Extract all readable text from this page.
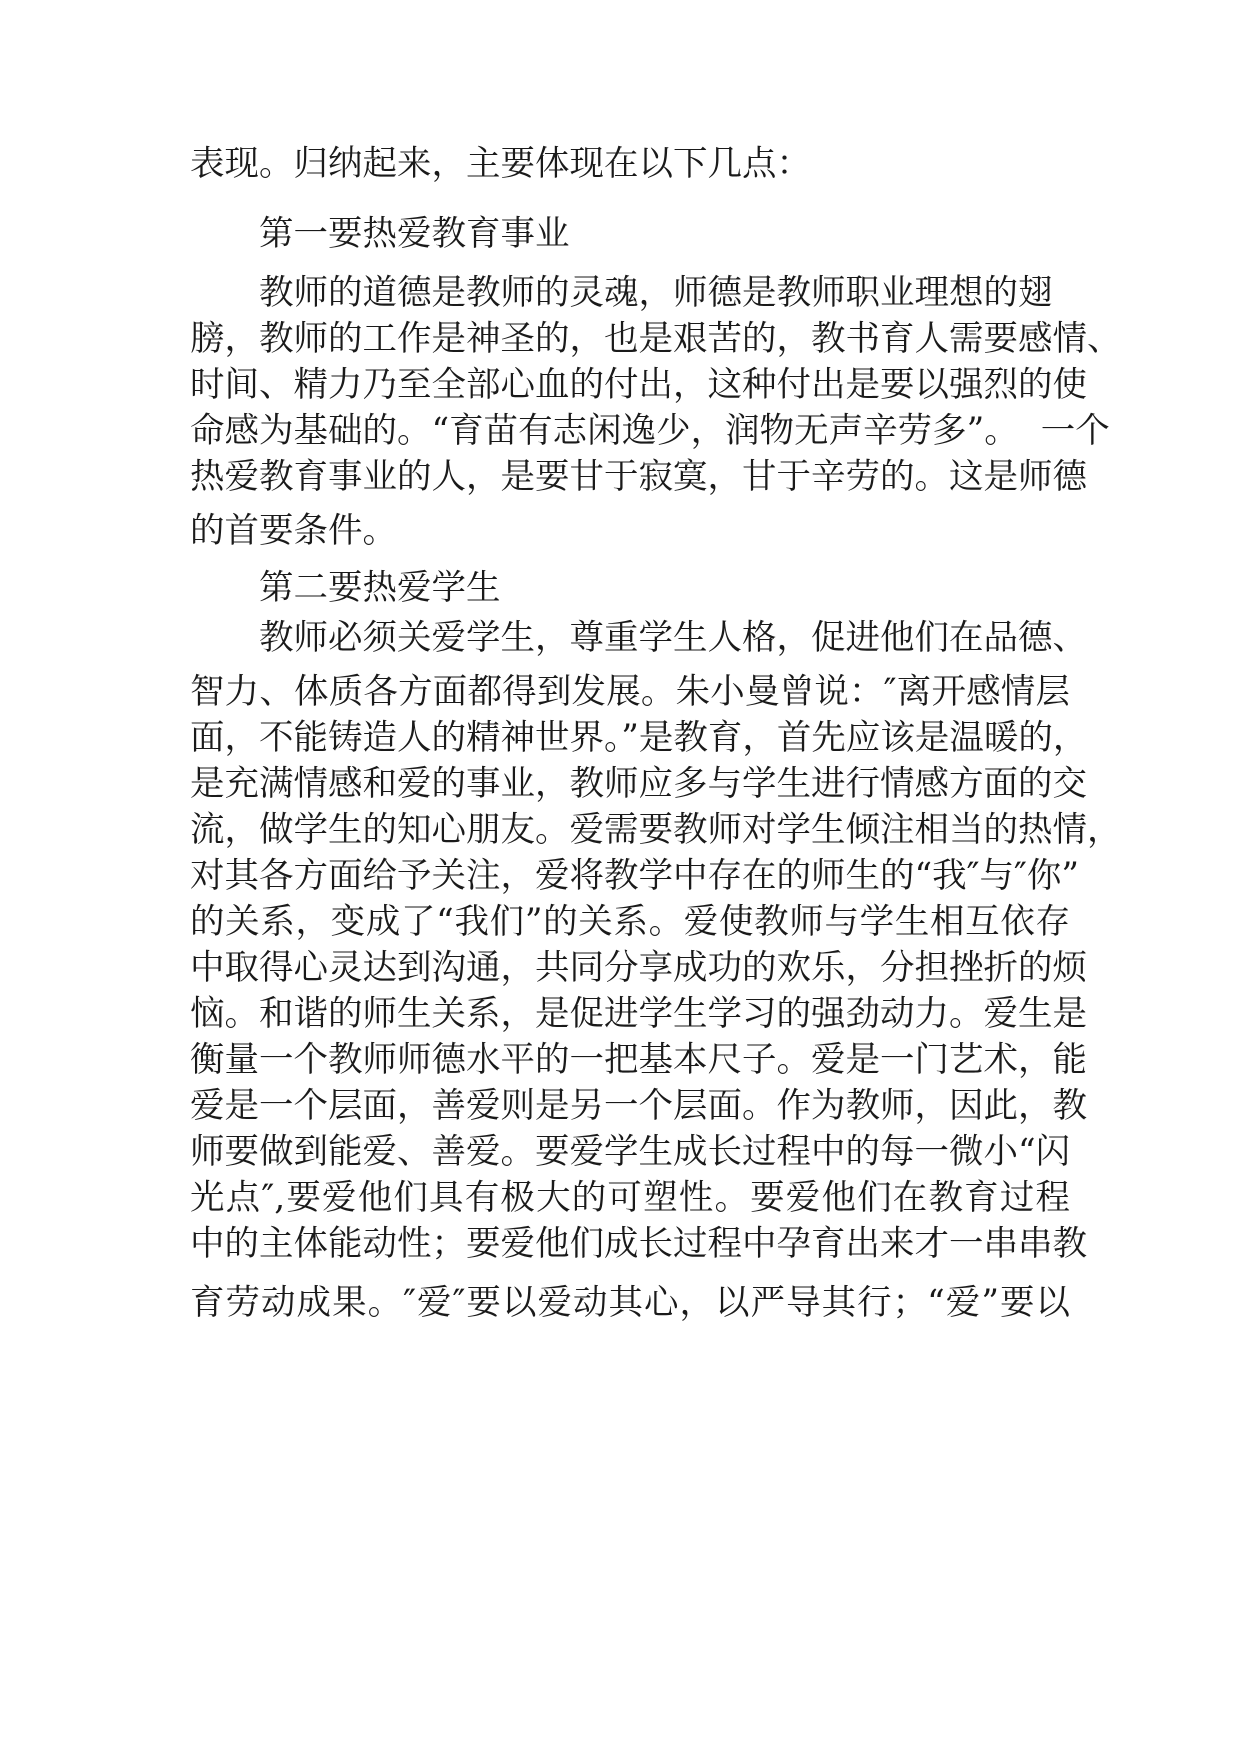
表现。归纳起来，主要体现在以下几点：
第一要热爱教育事业
教师的道德是教师的灵魂，师德是教师职业理想的翅
膀，教师的工作是神圣的，也是艰苦的，教书育人需要感情、
时间、精力乃至全部心血的付出，这种付出是要以强烈的使
命感为基础的。“育苗有志闲逸少，润物无声辛劳多”。  一个
热爱教育事业的人，是要甘于寂寞，甘于辛劳的。这是师德
的首要条件。
第二要热爱学生
教师必须关爱学生，尊重学生人格，促进他们在品德、
智力、体质各方面都得到发展。朱小曼曾说：″离开感情层
面，不能铸造人的精神世界。”是教育，首先应该是温暖的，
是充满情感和爱的事业，教师应多与学生进行情感方面的交
流，做学生的知心朋友。爱需要教师对学生倾注相当的热情，
对其各方面给予关注，爱将教学中存在的师生的“我″与″你”
的关系，变成了“我们”的关系。爱使教师与学生相互依存
中取得心灵达到沟通，共同分享成功的欢乐，分担挫折的烦
恼。和谐的师生关系，是促进学生学习的强劲动力。爱生是
衡量一个教师师德水平的一把基本尺子。爱是一门艺术，能
爱是一个层面，善爱则是另一个层面。作为教师，因此，教
师要做到能爱、善爱。要爱学生成长过程中的每一微小“闪
光点″,要爱他们具有极大的可塑性。要爱他们在教育过程
中的主体能动性；要爱他们成长过程中孕育出来才一串串教
育劳动成果。″爱″要以爱动其心，以严导其行；“爱”要以
